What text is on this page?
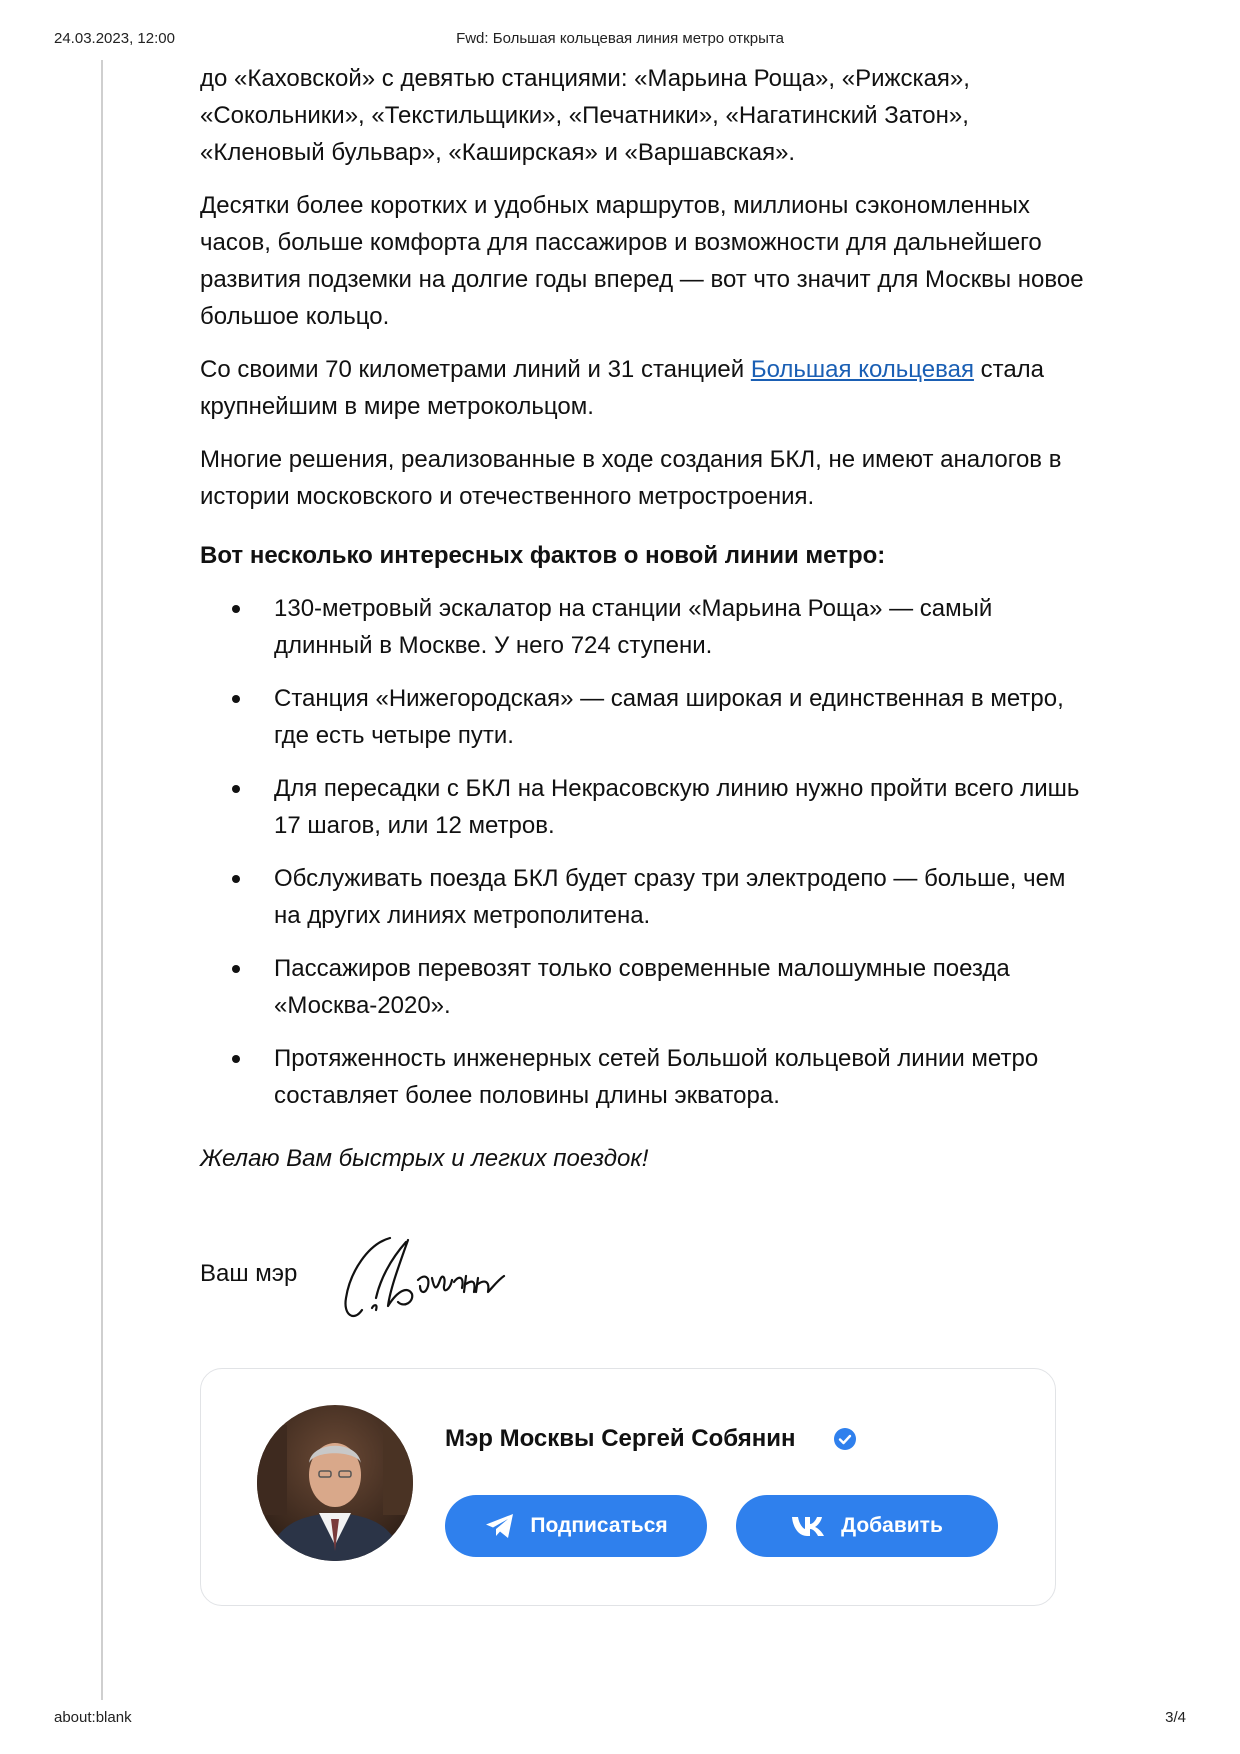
24.03.2023, 12:00	Fwd: Большая кольцевая линия метро открыта

до «Каховской» с девятью станциями: «Марьина Роща», «Рижская», «Сокольники», «Текстильщики», «Печатники», «Нагатинский Затон», «Кленовый бульвар», «Каширская» и «Варшавская».

Десятки более коротких и удобных маршрутов, миллионы сэкономленных часов, больше комфорта для пассажиров и возможности для дальнейшего развития подземки на долгие годы вперед — вот что значит для Москвы новое большое кольцо.

Со своими 70 километрами линий и 31 станцией Большая кольцевая стала крупнейшим в мире метрокольцом.

Многие решения, реализованные в ходе создания БКЛ, не имеют аналогов в истории московского и отечественного метростроения.

Вот несколько интересных фактов о новой линии метро:

130-метровый эскалатор на станции «Марьина Роща» — самый длинный в Москве. У него 724 ступени.
Станция «Нижегородская» — самая широкая и единственная в метро, где есть четыре пути.
Для пересадки с БКЛ на Некрасовскую линию нужно пройти всего лишь 17 шагов, или 12 метров.
Обслуживать поезда БКЛ будет сразу три электродепо — больше, чем на других линиях метрополитена.
Пассажиров перевозят только современные малошумные поезда «Москва-2020».
Протяженность инженерных сетей Большой кольцевой линии метро составляет более половины длины экватора.

Желаю Вам быстрых и легких поездок!

Ваш мэр
Мэр Москвы Сергей Собянин
Подписаться	Добавить
about:blank	3/4
